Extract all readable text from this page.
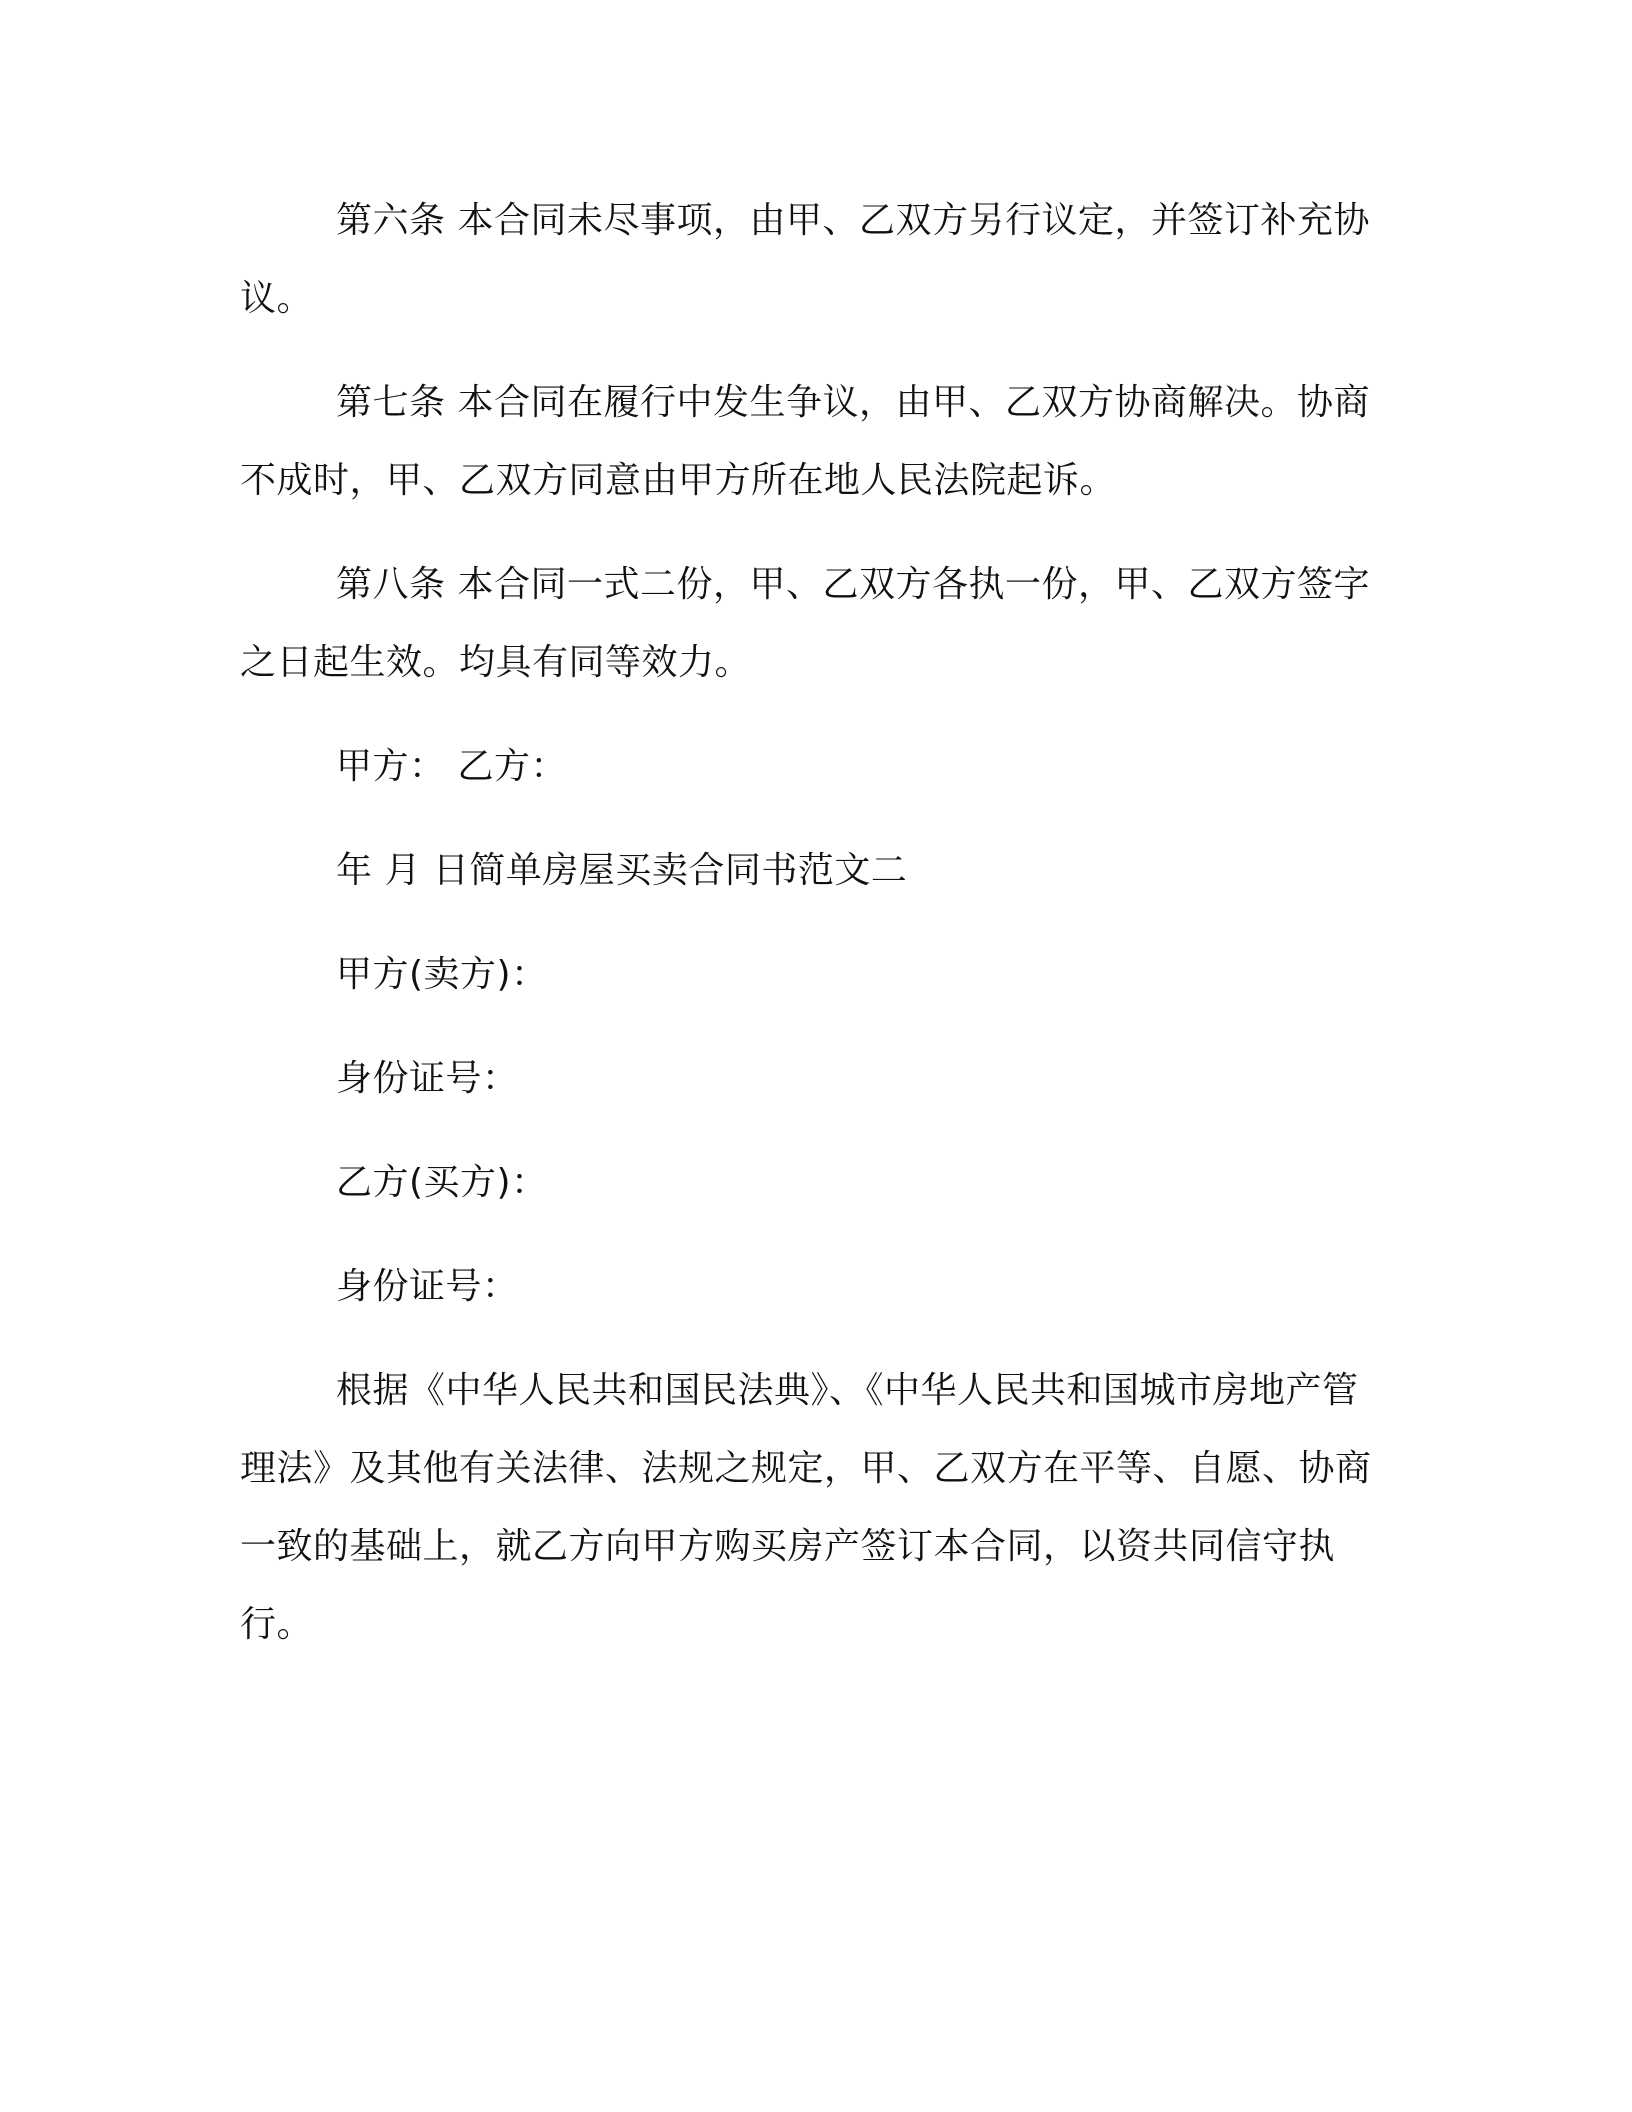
第六条 本合同未尽事项，由甲、乙双方另行议定，并签订补充协议。

第七条 本合同在履行中发生争议，由甲、乙双方协商解决。协商不成时，甲、乙双方同意由甲方所在地人民法院起诉。

第八条 本合同一式二份，甲、乙双方各执一份，甲、乙双方签字之日起生效。均具有同等效力。

甲方： 乙方：

年 月 日简单房屋买卖合同书范文二

甲方(卖方)：

身份证号：

乙方(买方)：

身份证号：

根据《中华人民共和国民法典》、《中华人民共和国城市房地产管理法》及其他有关法律、法规之规定，甲、乙双方在平等、自愿、协商一致的基础上，就乙方向甲方购买房产签订本合同，以资共同信守执行。
